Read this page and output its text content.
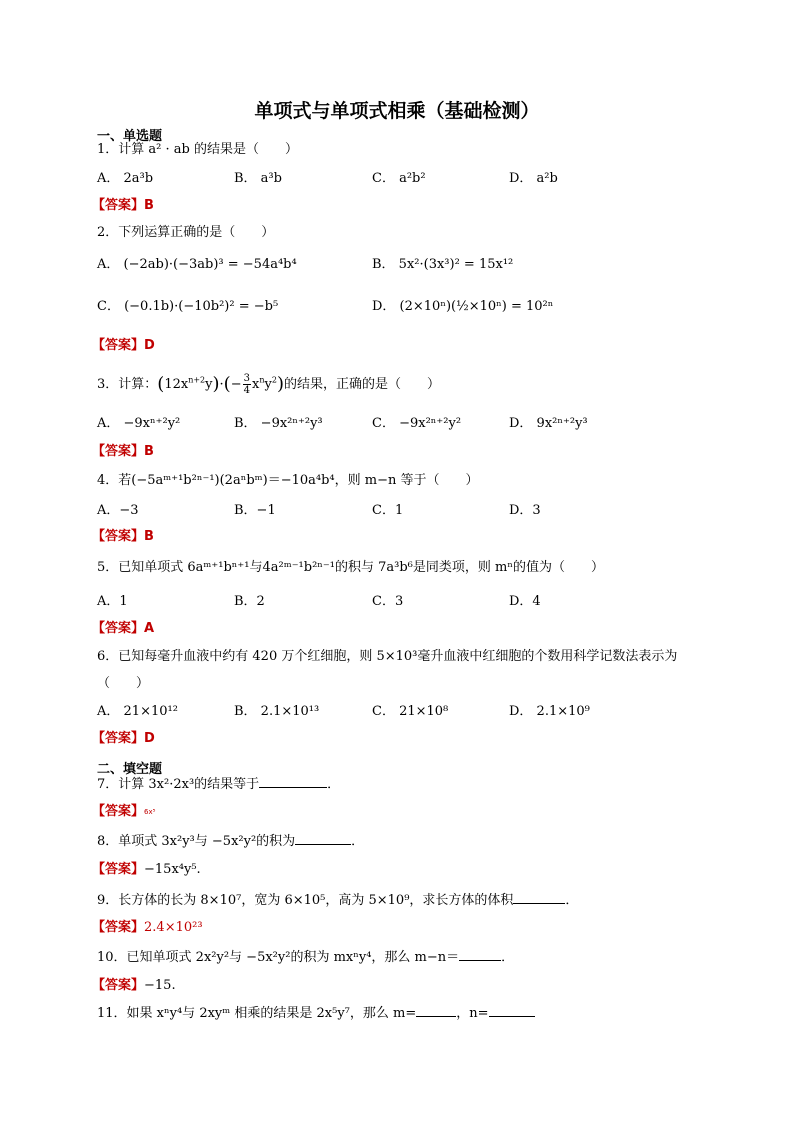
单项式与单项式相乘（基础检测）
一、单选题
1．计算 a² · ab 的结果是（　　）
A． 2a³b	B． a³b	C． a²b²	D． a²b
【答案】B
2．下列运算正确的是（　　）
A． (−2ab)·(−3ab)³ = −54a⁴b⁴	B． 5x²·(3x³)² = 15x¹²
C． (−0.1b)·(−10b²)² = −b⁵	D． (2×10ⁿ)(½×10ⁿ) = 10²ⁿ
【答案】D
3．计算：$(12x^{n+2}y)\cdot(- \frac{3}{4} x^ny^2)$的结果，正确的是（　　）
A． −9xⁿ⁺²y²	B． −9x²ⁿ⁺²y³	C． −9x²ⁿ⁺²y²	D． 9x²ⁿ⁺²y³
【答案】B
4．若(−5aᵐ⁺¹b²ⁿ⁻¹)(2aⁿbᵐ)＝−10a⁴b⁴，则 m−n 等于（　　）
A．−3	B．−1	C．1	D．3
【答案】B
5．已知单项式 6aᵐ⁺¹bⁿ⁺¹与4a²ᵐ⁻¹b²ⁿ⁻¹的积与 7a³b⁶是同类项，则 mⁿ的值为（　　）
A．1	B．2	C．3	D．4
【答案】A
6．已知每毫升血液中约有 420 万个红细胞，则 5×10³毫升血液中红细胞的个数用科学记数法表示为
（　　）
A． 21×10¹²	B． 2.1×10¹³	C． 21×10⁸	D． 2.1×10⁹
【答案】D
二、填空题
7．计算 3x²·2x³的结果等于	．
【答案】$^{6x^5}$
8．单项式 3x²y³与 −5x²y²的积为	．
【答案】−15x⁴y⁵.
9．长方体的长为 8×10⁷，宽为 6×10⁵，高为 5×10⁹，求长方体的体积	．
【答案】2.4×10²³
10．已知单项式 2x²y²与 −5x²y²的积为 mxⁿy⁴，那么 m−n＝	．
【答案】−15.
11．如果 xⁿy⁴与 2xyᵐ 相乘的结果是 2x⁵y⁷，那么 m=	，n=
